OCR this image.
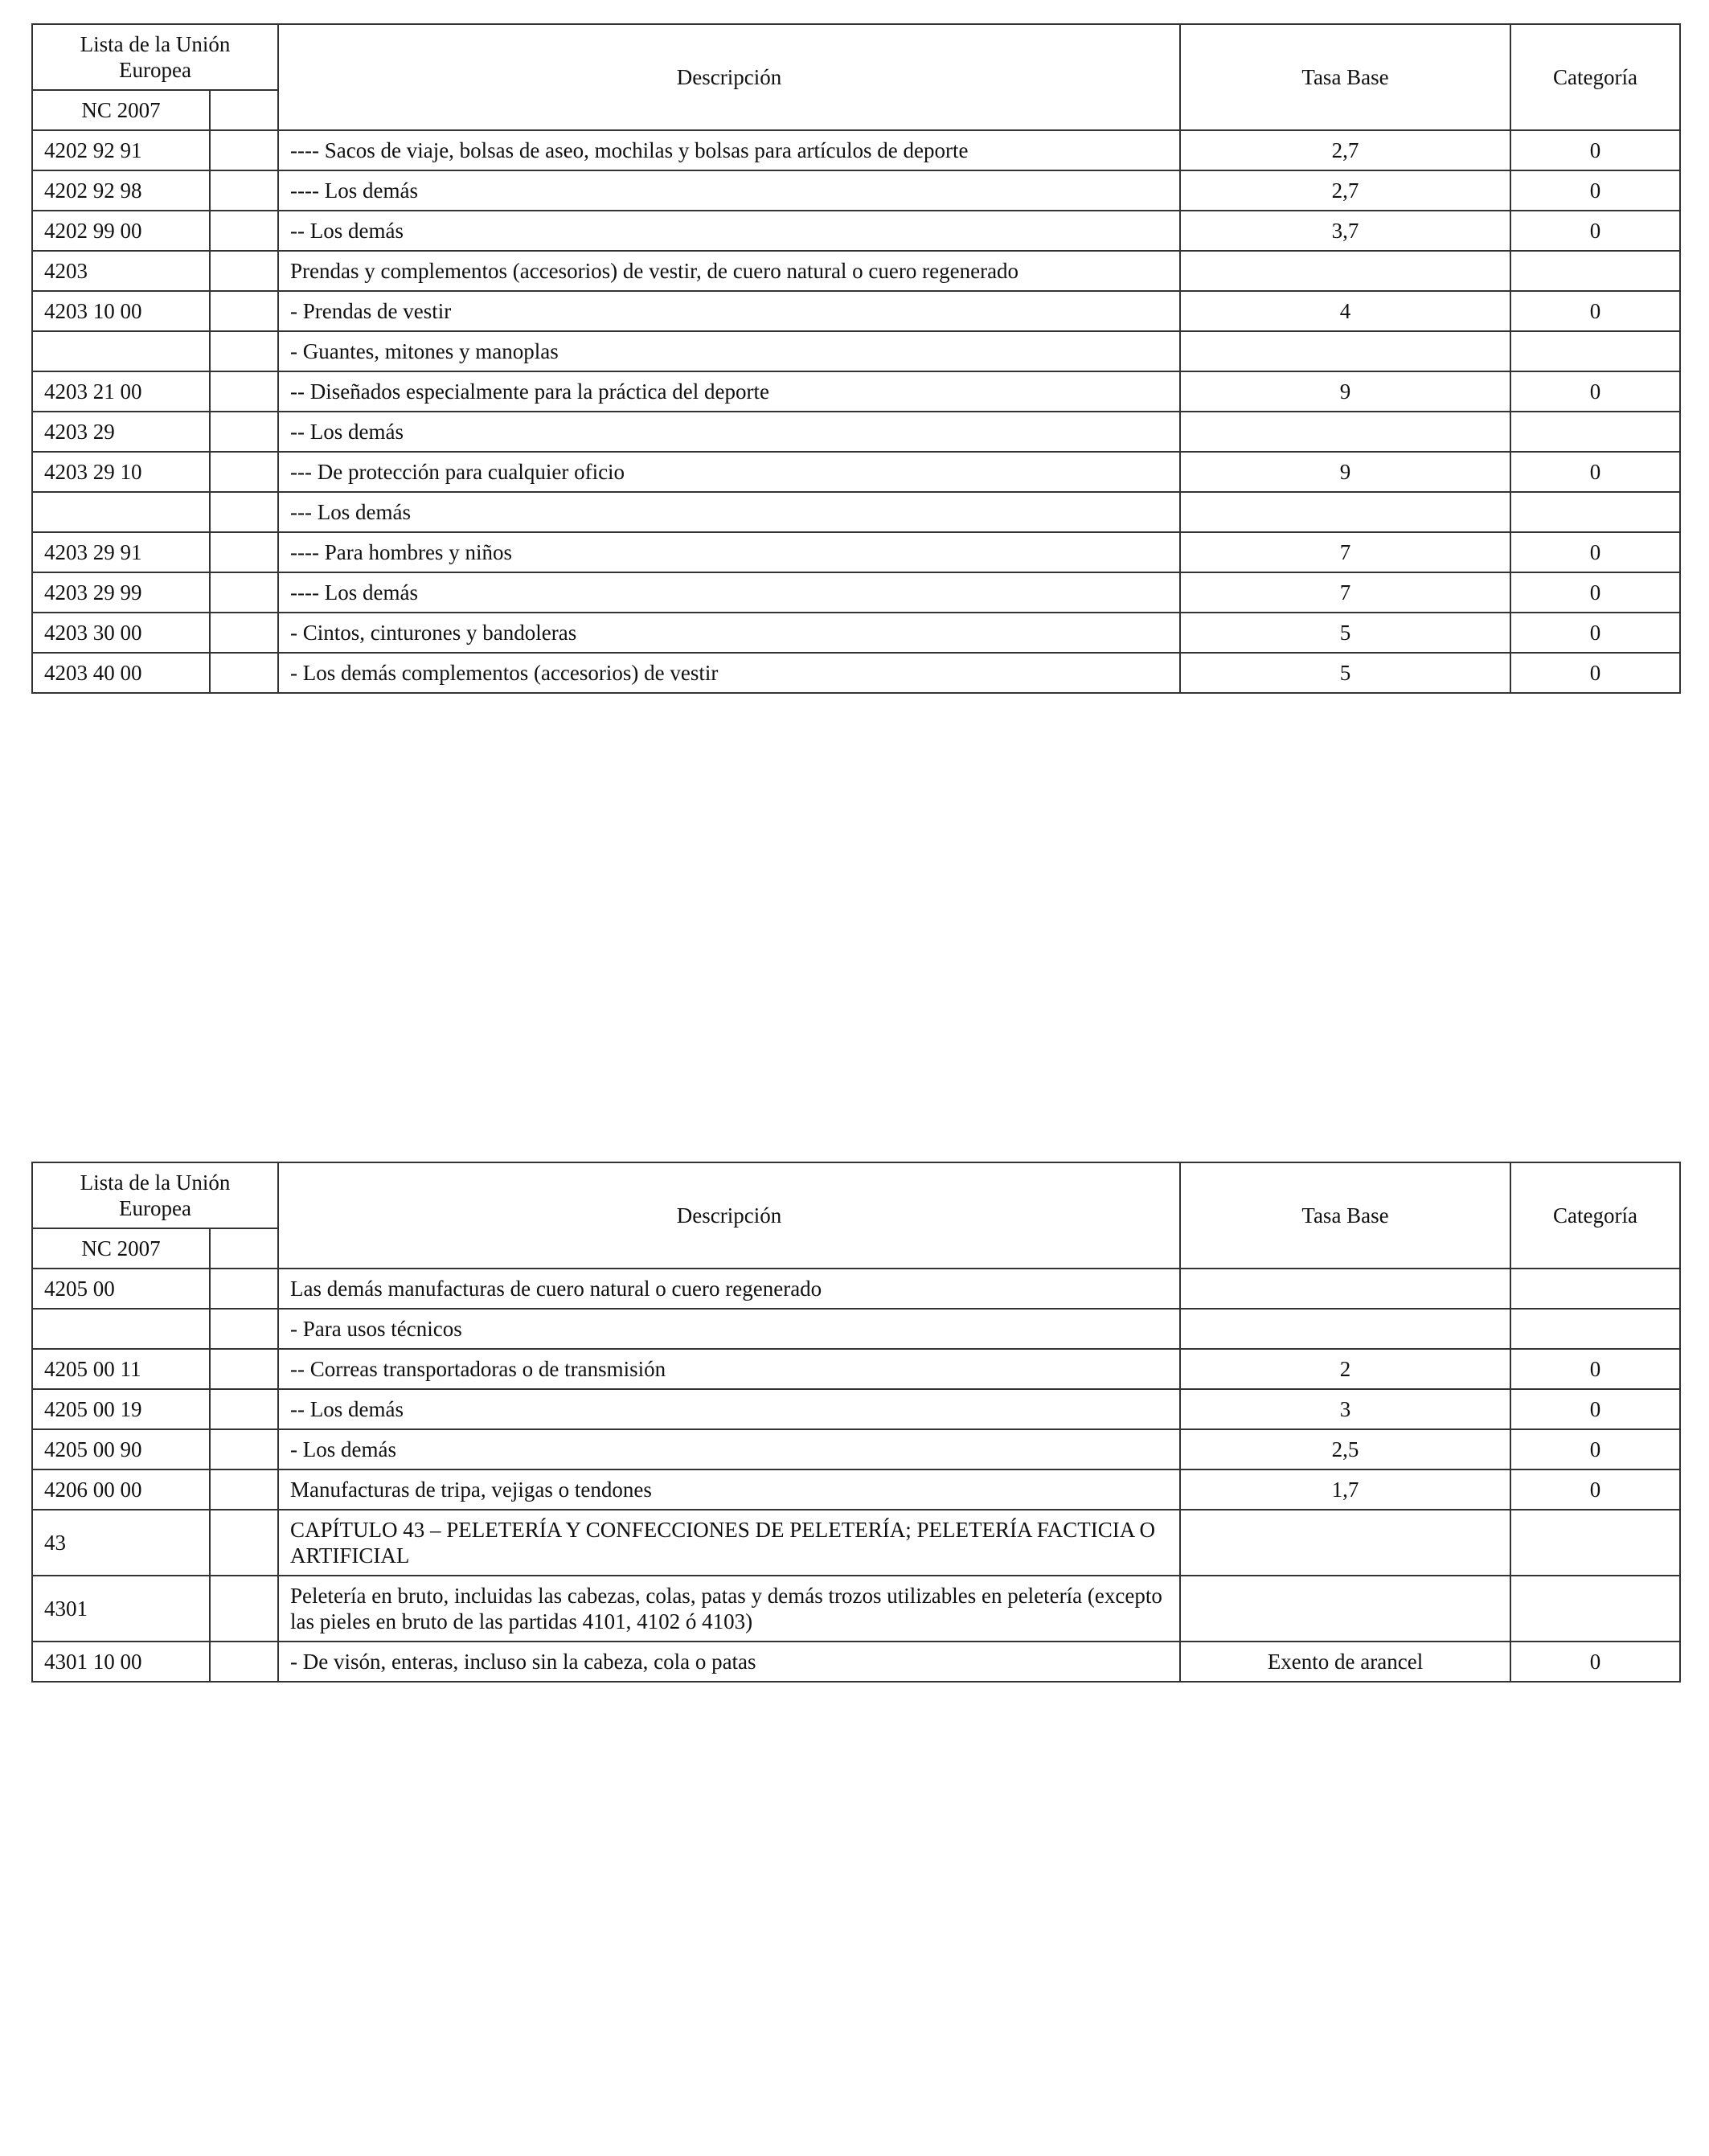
Lista de la Unión Europea		Descripción	Tasa Base	Categoría
NC 2007				
4202 92 91		---- Sacos de viaje, bolsas de aseo, mochilas y bolsas para artículos de deporte	2,7	0
4202 92 98		---- Los demás	2,7	0
4202 99 00		-- Los demás	3,7	0
4203		Prendas y complementos (accesorios) de vestir, de cuero natural o cuero regenerado		
4203 10 00		- Prendas de vestir	4	0
		- Guantes, mitones y manoplas		
4203 21 00		-- Diseñados especialmente para la práctica del deporte	9	0
4203 29		-- Los demás		
4203 29 10		--- De protección para cualquier oficio	9	0
		--- Los demás		
4203 29 91		---- Para hombres y niños	7	0
4203 29 99		---- Los demás	7	0
4203 30 00		- Cintos, cinturones y bandoleras	5	0
4203 40 00		- Los demás complementos (accesorios) de vestir	5	0
Lista de la Unión Europea		Descripción	Tasa Base	Categoría
NC 2007				
4205 00		Las demás manufacturas de cuero natural o cuero regenerado		
		- Para usos técnicos		
4205 00 11		-- Correas transportadoras o de transmisión	2	0
4205 00 19		-- Los demás	3	0
4205 00 90		- Los demás	2,5	0
4206 00 00		Manufacturas de tripa, vejigas o tendones	1,7	0
43		CAPÍTULO 43 – PELETERÍA Y CONFECCIONES DE PELETERÍA; PELETERÍA FACTICIA O ARTIFICIAL		
4301		Peletería en bruto, incluidas las cabezas, colas, patas y demás trozos utilizables en peletería (excepto las pieles en bruto de las partidas 4101, 4102 ó 4103)		
4301 10 00		- De visón, enteras, incluso sin la cabeza, cola o patas	Exento de arancel	0
